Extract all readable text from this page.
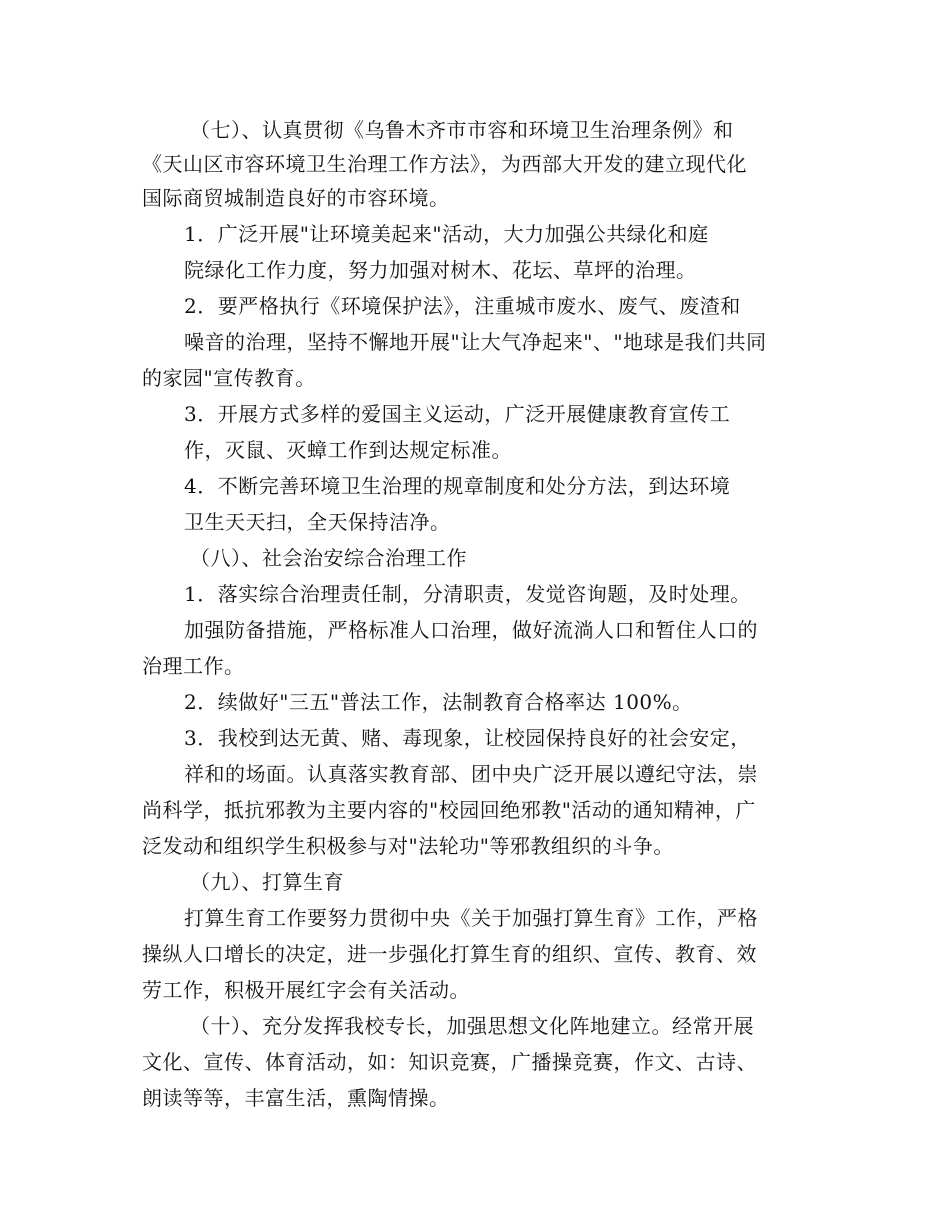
（七）、认真贯彻《乌鲁木齐市市容和环境卫生治理条例》和
《天山区市容环境卫生治理工作方法》，为西部大开发的建立现代化
国际商贸城制造良好的市容环境。
1．广泛开展"让环境美起来"活动，大力加强公共绿化和庭
院绿化工作力度，努力加强对树木、花坛、草坪的治理。
2．要严格执行《环境保护法》，注重城市废水、废气、废渣和
噪音的治理，坚持不懈地开展"让大气净起来"、"地球是我们共同
的家园"宣传教育。
3．开展方式多样的爱国主义运动，广泛开展健康教育宣传工
作，灭鼠、灭蟑工作到达规定标准。
4．不断完善环境卫生治理的规章制度和处分方法，到达环境
卫生天天扫，全天保持洁净。
（八）、社会治安综合治理工作
1．落实综合治理责任制，分清职责，发觉咨询题，及时处理。
加强防备措施，严格标准人口治理，做好流淌人口和暂住人口的
治理工作。
2．续做好"三五"普法工作，法制教育合格率达 100%。
3．我校到达无黄、赌、毒现象，让校园保持良好的社会安定，
祥和的场面。认真落实教育部、团中央广泛开展以遵纪守法，崇
尚科学，抵抗邪教为主要内容的"校园回绝邪教"活动的通知精神，广
泛发动和组织学生积极参与对"法轮功"等邪教组织的斗争。
（九）、打算生育
打算生育工作要努力贯彻中央《关于加强打算生育》工作，严格
操纵人口增长的决定，进一步强化打算生育的组织、宣传、教育、效
劳工作，积极开展红字会有关活动。
（十）、充分发挥我校专长，加强思想文化阵地建立。经常开展
文化、宣传、体育活动，如：知识竞赛，广播操竞赛，作文、古诗、
朗读等等，丰富生活，熏陶情操。
